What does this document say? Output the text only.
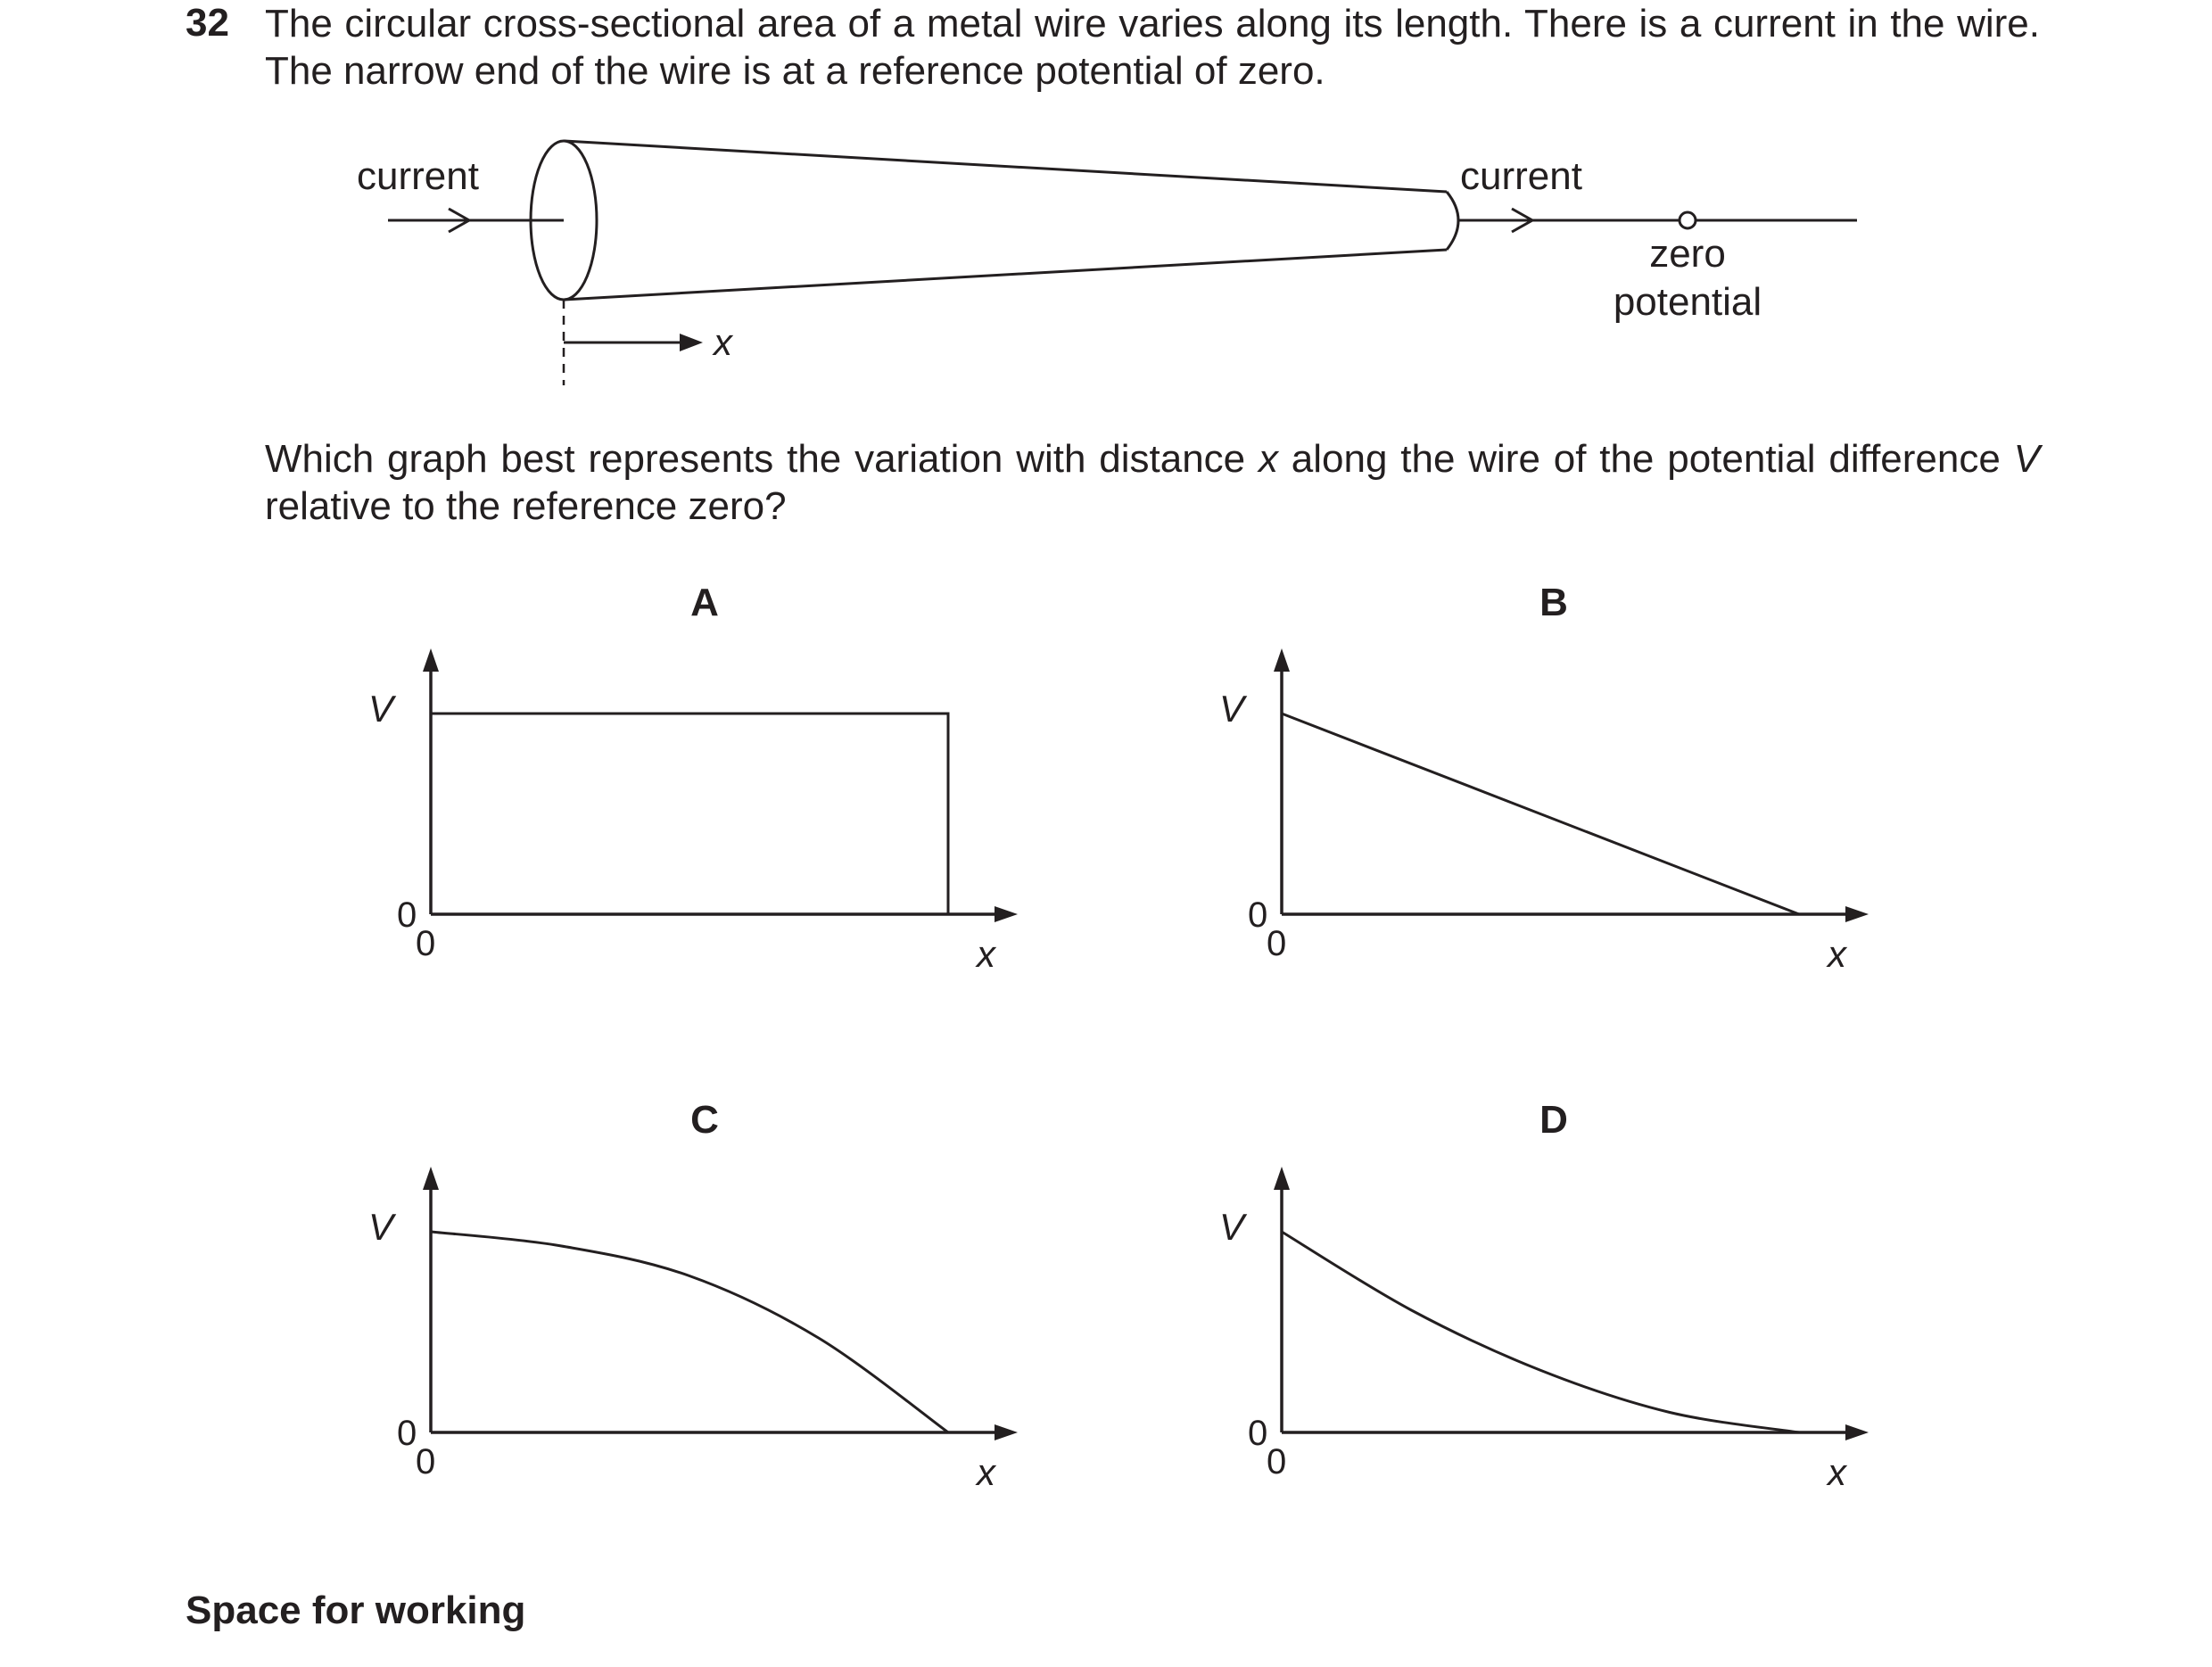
32 The circular cross-sectional area of a metal wire varies along its length. There is a current in the wire. The narrow end of the wire is at a reference potential of zero.
current	current
zero
potential
x
A
V
x
0
0
B
V
x
0
0
C
V
x
0
0
D
V
x
0
0
Which graph best represents the variation with distance x along the wire of the potential difference V relative to the reference zero?
Space for working
